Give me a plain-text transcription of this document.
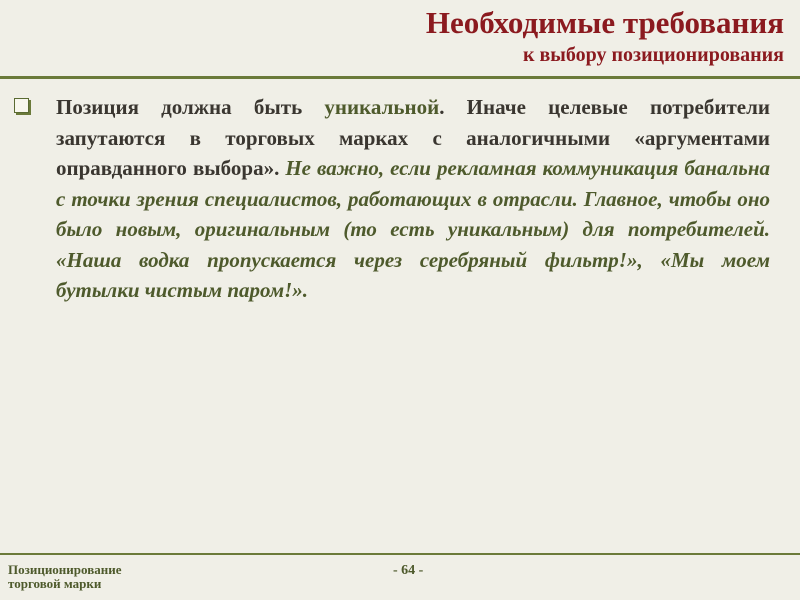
Необходимые требования
к выбору позиционирования

Позиция должна быть уникальной. Иначе целевые потребители запутаются в торговых марках с аналогичными «аргументами оправданного выбора». Не важно, если рекламная коммуникация банальна с точки зрения специалистов, работающих в отрасли. Главное, чтобы оно было новым, оригинальным (то есть уникальным) для потребителей. «Наша водка пропускается через серебряный фильтр!», «Мы моем бутылки чистым паром!».

Позиционирование
торговой марки
- 64 -
